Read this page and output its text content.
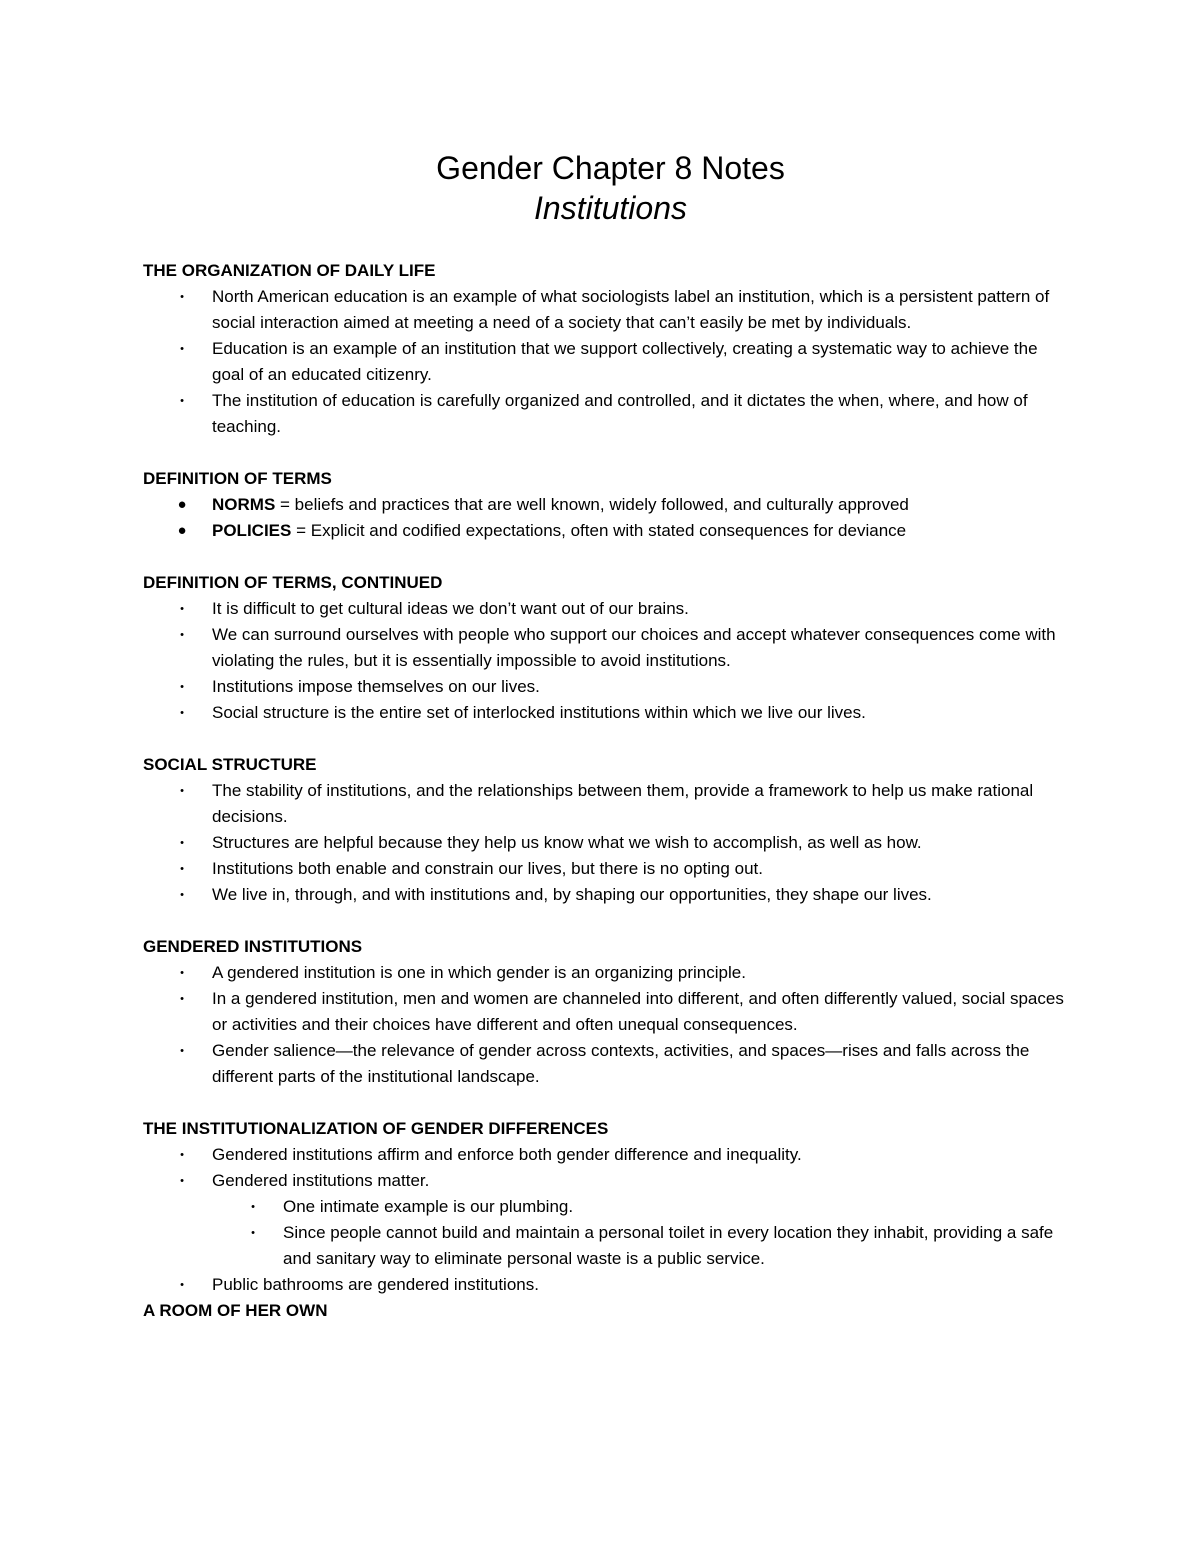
Gender Chapter 8 Notes
Institutions

THE ORGANIZATION OF DAILY LIFE

• North American education is an example of what sociologists label an institution, which is a persistent pattern of social interaction aimed at meeting a need of a society that can’t easily be met by individuals.
• Education is an example of an institution that we support collectively, creating a systematic way to achieve the goal of an educated citizenry.
• The institution of education is carefully organized and controlled, and it dictates the when, where, and how of teaching.

DEFINITION OF TERMS

● NORMS = beliefs and practices that are well known, widely followed, and culturally approved
● POLICIES = Explicit and codified expectations, often with stated consequences for deviance

DEFINITION OF TERMS, CONTINUED

• It is difficult to get cultural ideas we don’t want out of our brains.
• We can surround ourselves with people who support our choices and accept whatever consequences come with violating the rules, but it is essentially impossible to avoid institutions.
• Institutions impose themselves on our lives.
• Social structure is the entire set of interlocked institutions within which we live our lives.

SOCIAL STRUCTURE

• The stability of institutions, and the relationships between them, provide a framework to help us make rational decisions.
• Structures are helpful because they help us know what we wish to accomplish, as well as how.
• Institutions both enable and constrain our lives, but there is no opting out.
• We live in, through, and with institutions and, by shaping our opportunities, they shape our lives.

GENDERED INSTITUTIONS

• A gendered institution is one in which gender is an organizing principle.
• In a gendered institution, men and women are channeled into different, and often differently valued, social spaces or activities and their choices have different and often unequal consequences.
• Gender salience—the relevance of gender across contexts, activities, and spaces—rises and falls across the different parts of the institutional landscape.

THE INSTITUTIONALIZATION OF GENDER DIFFERENCES

• Gendered institutions affirm and enforce both gender difference and inequality.
• Gendered institutions matter.
• One intimate example is our plumbing.
• Since people cannot build and maintain a personal toilet in every location they inhabit, providing a safe and sanitary way to eliminate personal waste is a public service.
• Public bathrooms are gendered institutions.

A ROOM OF HER OWN
